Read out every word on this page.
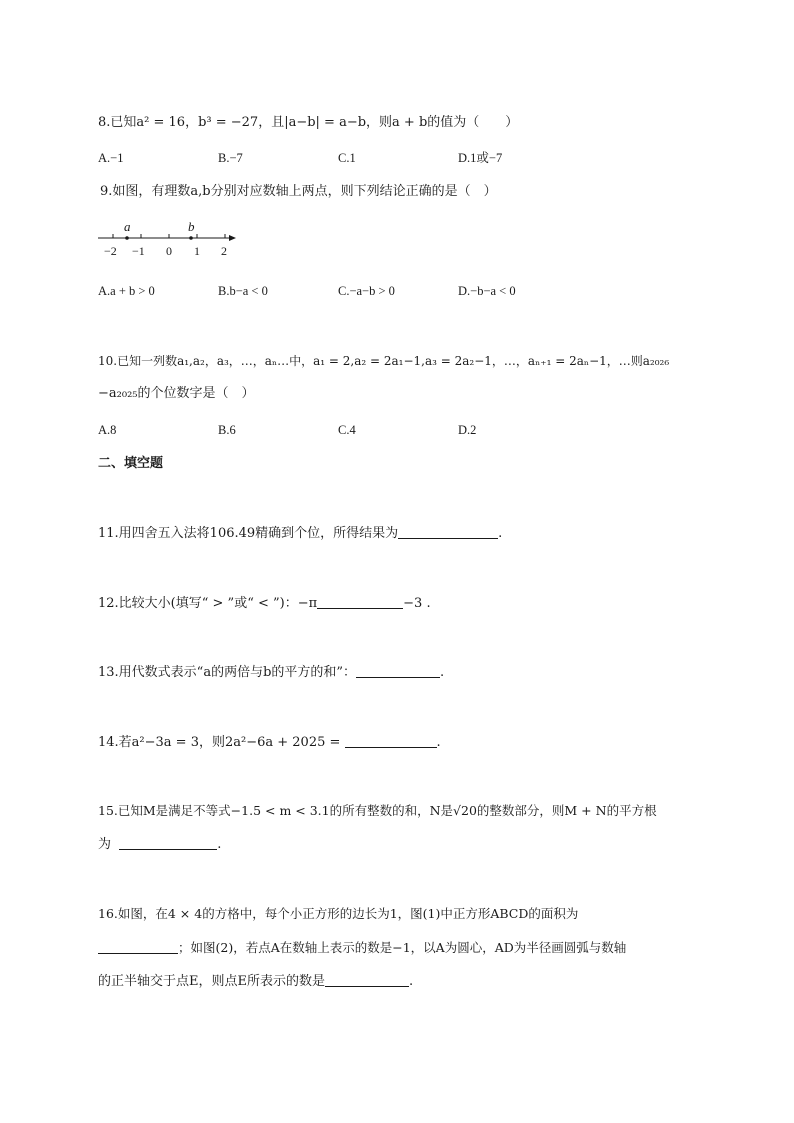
8.已知a² = 16，b³ = −27，且|a−b| = a−b，则a + b的值为（　　）
A.−1	B.−7	C.1	D.1或−7
9.如图，有理数a,b分别对应数轴上两点，则下列结论正确的是（　）
a	b
−2 −1 0 1 2
A.a + b > 0	B.b−a < 0	C.−a−b > 0	D.−b−a < 0
10.已知一列数a₁,a₂，a₃，…，aₙ…中，a₁ = 2,a₂ = 2a₁−1,a₃ = 2a₂−1，…，aₙ₊₁ = 2aₙ−1，…则a₂₀₂₆
−a₂₀₂₅的个位数字是（　）
A.8	B.6	C.4	D.2
二、填空题
11.用四舍五入法将106.49精确到个位，所得结果为	.
12.比较大小(填写“ > ”或“ < ”)：−π	−3 .
13.用代数式表示“a的两倍与b的平方的和”：	.
14.若a²−3a = 3，则2a²−6a + 2025 =	.
15.已知M是满足不等式−1.5 < m < 3.1的所有整数的和，N是√20的整数部分，则M + N的平方根
为	.
16.如图，在4 × 4的方格中，每个小正方形的边长为1，图(1)中正方形ABCD的面积为
；如图(2)，若点A在数轴上表示的数是−1，以A为圆心，AD为半径画圆弧与数轴
的正半轴交于点E，则点E所表示的数是	.
